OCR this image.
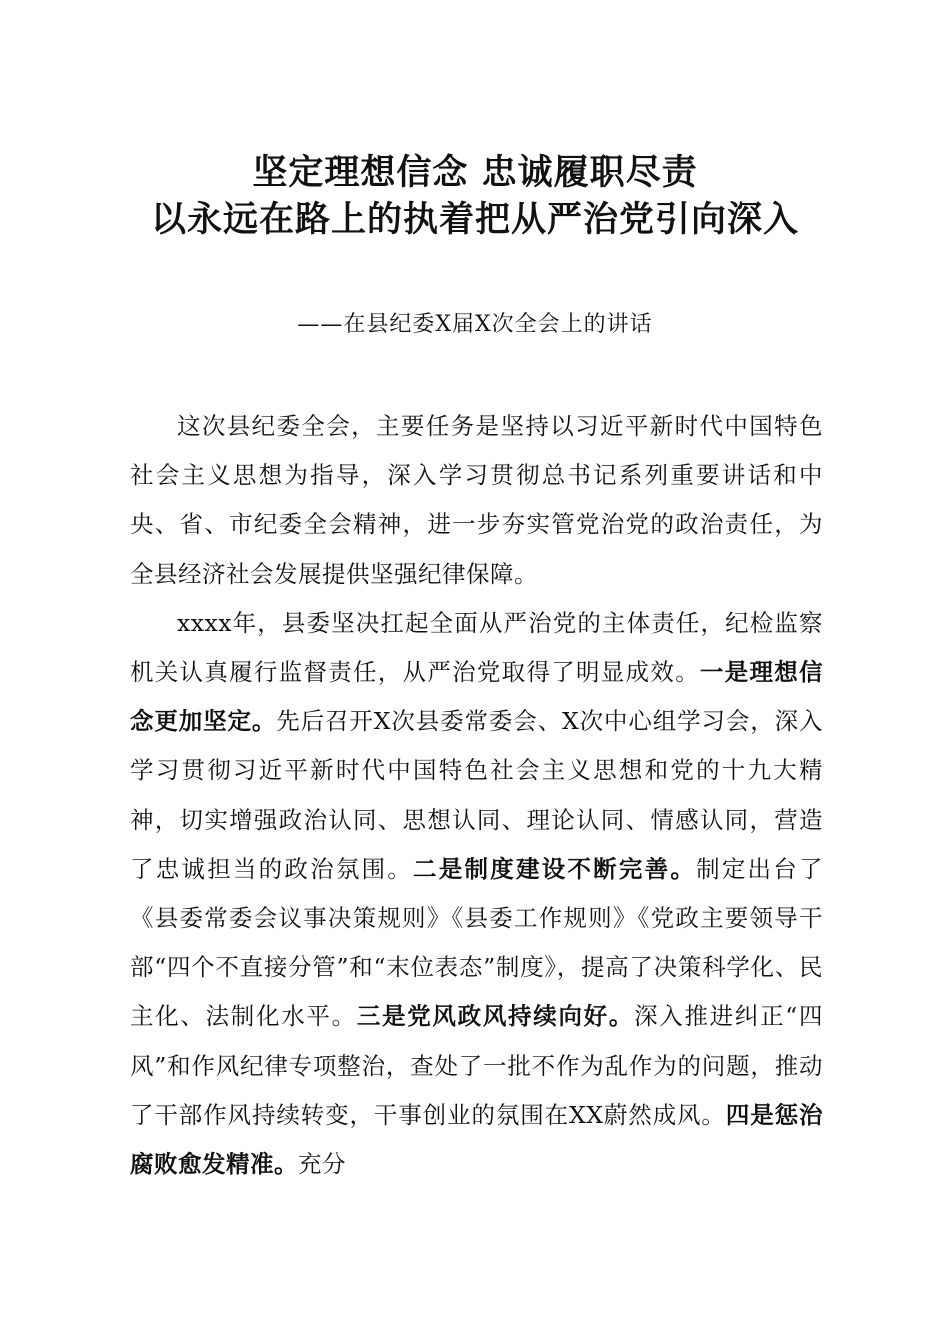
坚定理想信念 忠诚履职尽责
以永远在路上的执着把从严治党引向深入
——在县纪委X届X次全会上的讲话

这次县纪委全会，主要任务是坚持以习近平新时代中国特色社会主义思想为指导，深入学习贯彻总书记系列重要讲话和中央、省、市纪委全会精神，进一步夯实管党治党的政治责任，为全县经济社会发展提供坚强纪律保障。

xxxx年，县委坚决扛起全面从严治党的主体责任，纪检监察机关认真履行监督责任，从严治党取得了明显成效。一是理想信念更加坚定。先后召开X次县委常委会、X次中心组学习会，深入学习贯彻习近平新时代中国特色社会主义思想和党的十九大精神，切实增强政治认同、思想认同、理论认同、情感认同，营造了忠诚担当的政治氛围。二是制度建设不断完善。制定出台了《县委常委会议事决策规则》《县委工作规则》《党政主要领导干部“四个不直接分管”和“末位表态”制度》，提高了决策科学化、民主化、法制化水平。三是党风政风持续向好。深入推进纠正“四风”和作风纪律专项整治，查处了一批不作为乱作为的问题，推动了干部作风持续转变，干事创业的氛围在XX蔚然成风。四是惩治腐败愈发精准。充分
